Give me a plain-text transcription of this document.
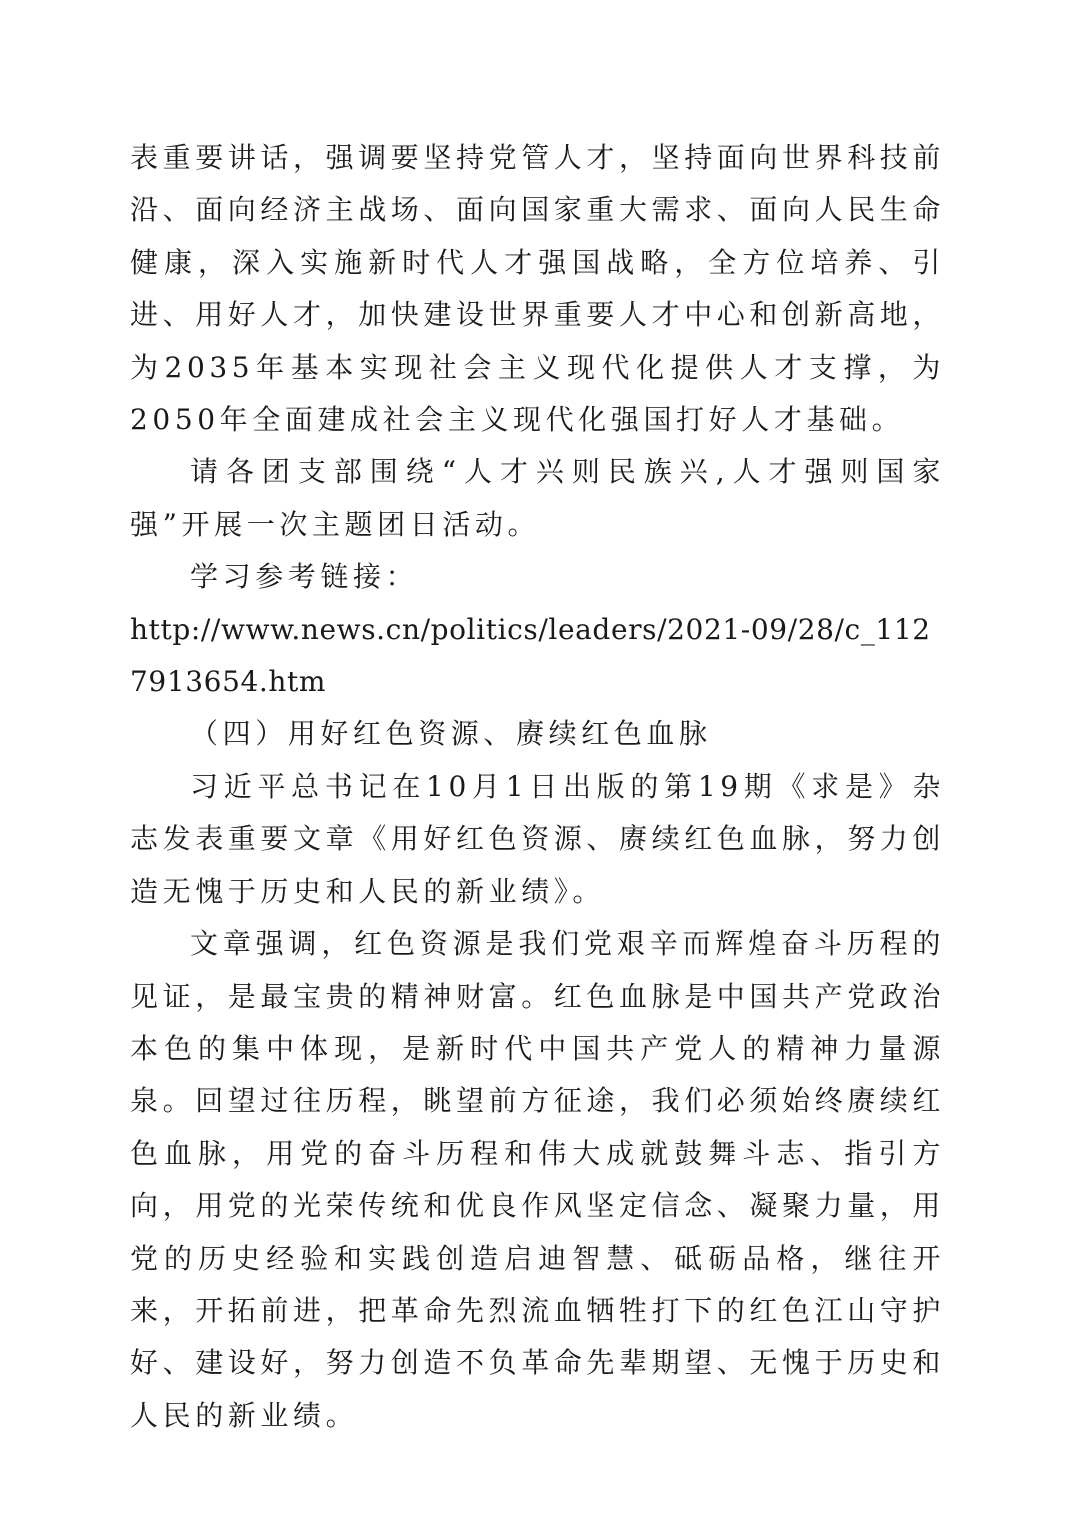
表重要讲话，强调要坚持党管人才，坚持面向世界科技前沿、面向经济主战场、面向国家重大需求、面向人民生命健康，深入实施新时代人才强国战略，全方位培养、引进、用好人才，加快建设世界重要人才中心和创新高地，为2035年基本实现社会主义现代化提供人才支撑，为2050年全面建成社会主义现代化强国打好人才基础。

请各团支部围绕“人才兴则民族兴,人才强则国家强”开展一次主题团日活动。

学习参考链接：

http://www.news.cn/politics/leaders/2021-09/28/c_1127913654.htm

（四）用好红色资源、赓续红色血脉

习近平总书记在10月1日出版的第19期《求是》杂志发表重要文章《用好红色资源、赓续红色血脉，努力创造无愧于历史和人民的新业绩》。

文章强调，红色资源是我们党艰辛而辉煌奋斗历程的见证，是最宝贵的精神财富。红色血脉是中国共产党政治本色的集中体现，是新时代中国共产党人的精神力量源泉。回望过往历程，眺望前方征途，我们必须始终赓续红色血脉，用党的奋斗历程和伟大成就鼓舞斗志、指引方向，用党的光荣传统和优良作风坚定信念、凝聚力量，用党的历史经验和实践创造启迪智慧、砥砺品格，继往开来，开拓前进，把革命先烈流血牺牲打下的红色江山守护好、建设好，努力创造不负革命先辈期望、无愧于历史和人民的新业绩。
